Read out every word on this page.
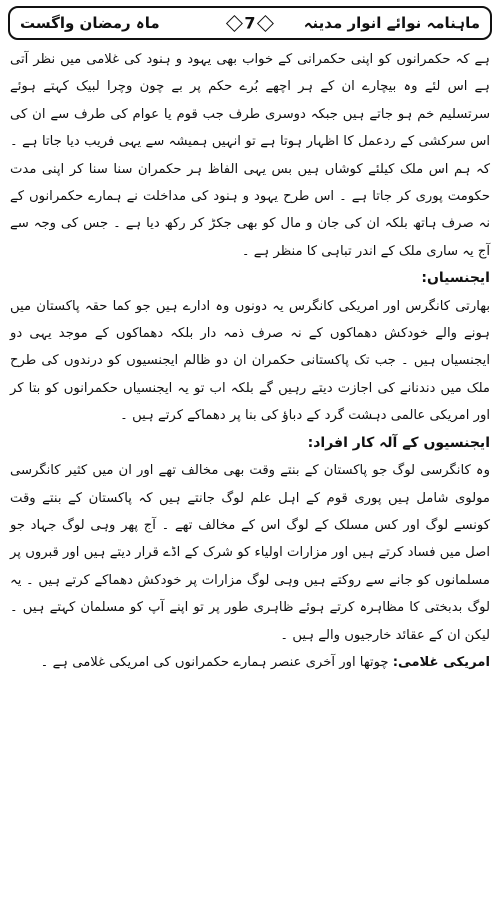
ماہ رمضان واگست	7	ماہنامہ نوائے انوار مدینہ

ہے کہ حکمرانوں کو اپنی حکمرانی کے خواب بھی یہود و ہنود کی غلامی میں نظر آتی ہے اس لئے وہ بیچارے ان کے ہر اچھے بُرے حکم پر بے چون وچرا لبیک کہتے ہوئے سرتسلیم خم ہو جاتے ہیں جبکہ دوسری طرف جب قوم یا عوام کی طرف سے ان کی اس سرکشی کے ردعمل کا اظہار ہوتا ہے تو انہیں ہمیشہ سے یہی فریب دیا جاتا ہے ۔ کہ ہم اس ملک کیلئے کوشاں ہیں بس یہی الفاظ ہر حکمران سنا سنا کر اپنی مدت حکومت پوری کر جاتا ہے ۔ اس طرح یہود و ہنود کی مداخلت نے ہمارے حکمرانوں کے نہ صرف ہاتھ بلکہ ان کی جان و مال کو بھی جکڑ کر رکھ دیا ہے ۔ جس کی وجہ سے آج یہ ساری ملک کے اندر تباہی کا منظر ہے ۔

ایجنسیاں:

بھارتی کانگرس اور امریکی کانگرس یہ دونوں وہ ادارے ہیں جو کما حقہ پاکستان میں ہونے والے خودکش دھماکوں کے نہ صرف ذمہ دار بلکہ دھماکوں کے موجد یہی دو ایجنسیاں ہیں ۔ جب تک پاکستانی حکمران ان دو ظالم ایجنسیوں کو درندوں کی طرح ملک میں دندنانے کی اجازت دیتے رہیں گے بلکہ اب تو یہ ایجنسیاں حکمرانوں کو بتا کر اور امریکی عالمی دہشت گرد کے دباؤ کی بنا پر دھماکے کرتے ہیں ۔

ایجنسیوں کے آلہ کار افراد:

وہ کانگرسی لوگ جو پاکستان کے بنتے وقت بھی مخالف تھے اور ان میں کثیر کانگرسی مولوی شامل ہیں پوری قوم کے اہل علم لوگ جانتے ہیں کہ پاکستان کے بنتے وقت کونسے لوگ اور کس مسلک کے لوگ اس کے مخالف تھے ۔ آج پھر وہی لوگ جہاد جو اصل میں فساد کرتے ہیں اور مزارات اولیاء کو شرک کے اڈے قرار دیتے ہیں اور قبروں پر مسلمانوں کو جانے سے روکتے ہیں وہی لوگ مزارات پر خودکش دھماکے کرتے ہیں ۔ یہ لوگ بدبختی کا مظاہرہ کرتے ہوئے ظاہری طور پر تو اپنے آپ کو مسلمان کہتے ہیں ۔ لیکن ان کے عقائد خارجیوں والے ہیں ۔

امریکی غلامی: چوتھا اور آخری عنصر ہمارے حکمرانوں کی امریکی غلامی ہے ۔
